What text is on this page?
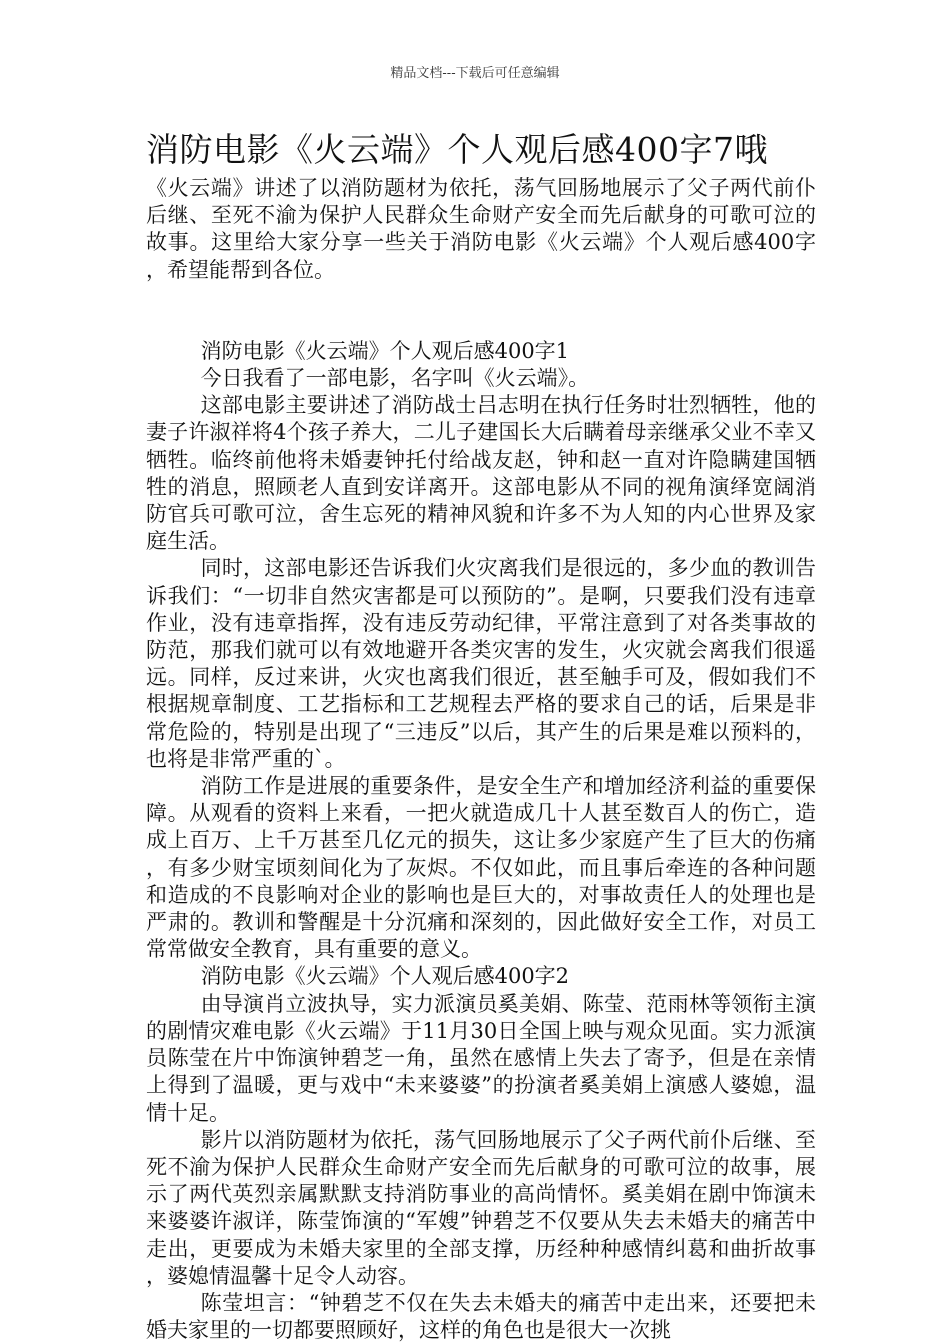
精品文档---下载后可任意编辑
消防电影《火云端》个人观后感400字7哦

《火云端》讲述了以消防题材为依托，荡气回肠地展示了父子两代前仆后继、至死不渝为保护人民群众生命财产安全而先后献身的可歌可泣的故事。这里给大家分享一些关于消防电影《火云端》个人观后感400字，希望能帮到各位。

消防电影《火云端》个人观后感400字1

今日我看了一部电影，名字叫《火云端》。

这部电影主要讲述了消防战士吕志明在执行任务时壮烈牺牲，他的妻子许淑祥将4个孩子养大，二儿子建国长大后瞒着母亲继承父业不幸又牺牲。临终前他将未婚妻钟托付给战友赵，钟和赵一直对许隐瞒建国牺牲的消息，照顾老人直到安详离开。这部电影从不同的视角演绎宽阔消防官兵可歌可泣，舍生忘死的精神风貌和许多不为人知的内心世界及家庭生活。

同时，这部电影还告诉我们火灾离我们是很远的，多少血的教训告诉我们：“一切非自然灾害都是可以预防的”。是啊，只要我们没有违章作业，没有违章指挥，没有违反劳动纪律，平常注意到了对各类事故的防范，那我们就可以有效地避开各类灾害的发生，火灾就会离我们很遥远。同样，反过来讲，火灾也离我们很近，甚至触手可及，假如我们不根据规章制度、工艺指标和工艺规程去严格的要求自己的话，后果是非常危险的，特别是出现了“三违反”以后，其产生的后果是难以预料的，也将是非常严重的`。

消防工作是进展的重要条件，是安全生产和增加经济利益的重要保障。从观看的资料上来看，一把火就造成几十人甚至数百人的伤亡，造成上百万、上千万甚至几亿元的损失，这让多少家庭产生了巨大的伤痛，有多少财宝顷刻间化为了灰烬。不仅如此，而且事后牵连的各种问题和造成的不良影响对企业的影响也是巨大的，对事故责任人的处理也是严肃的。教训和警醒是十分沉痛和深刻的，因此做好安全工作，对员工常常做安全教育，具有重要的意义。

消防电影《火云端》个人观后感400字2

由导演肖立波执导，实力派演员奚美娟、陈莹、范雨林等领衔主演的剧情灾难电影《火云端》于11月30日全国上映与观众见面。实力派演员陈莹在片中饰演钟碧芝一角，虽然在感情上失去了寄予，但是在亲情上得到了温暖，更与戏中“未来婆婆”的扮演者奚美娟上演感人婆媳，温情十足。

影片以消防题材为依托，荡气回肠地展示了父子两代前仆后继、至死不渝为保护人民群众生命财产安全而先后献身的可歌可泣的故事，展示了两代英烈亲属默默支持消防事业的高尚情怀。奚美娟在剧中饰演未来婆婆许淑详，陈莹饰演的“军嫂”钟碧芝不仅要从失去未婚夫的痛苦中走出，更要成为未婚夫家里的全部支撑，历经种种感情纠葛和曲折故事，婆媳情温馨十足令人动容。

陈莹坦言：“钟碧芝不仅在失去未婚夫的痛苦中走出来，还要把未婚夫家里的一切都要照顾好，这样的角色也是很大一次挑
